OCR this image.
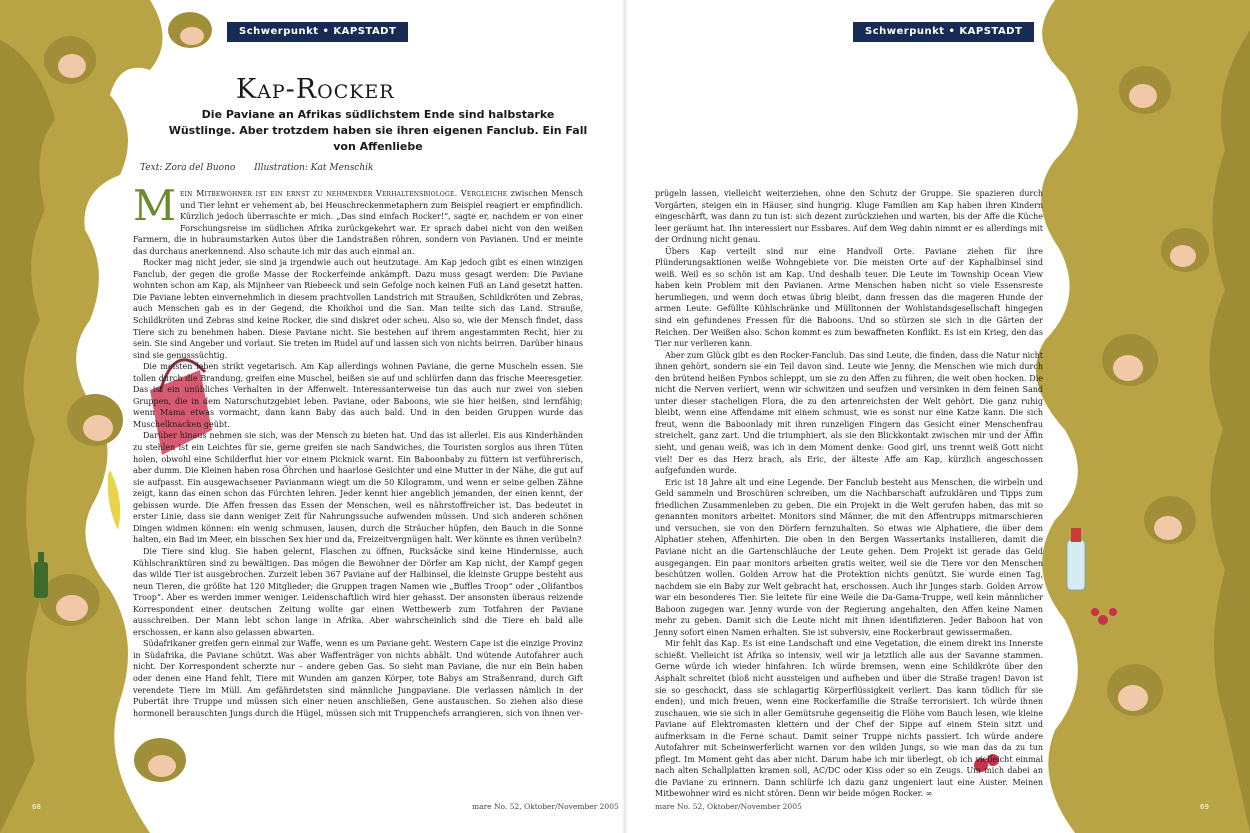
Schwerpunkt • KAPSTADT
Kap-Rocker

Die Paviane an Afrikas südlichstem Ende sind halbstarke Wüstlinge. Aber trotzdem haben sie ihren eigenen Fanclub. Ein Fall von Affenliebe

Text: Zora del Buono Illustration: Kat Menschik

Mein Mitbewohner ist ein ernst zu nehmender Verhaltensbiologe. Vergleiche zwischen Mensch und Tier lehnt er vehement ab, bei Heuschreckenmetaphern zum Beispiel reagiert er empfindlich. Kürzlich jedoch überraschte er mich. „Das sind einfach Rocker!“, sagte er, nachdem er von einer Forschungsreise im südlichen Afrika zurückgekehrt war. Er sprach dabei nicht von den weißen Farmern, die in hubraumstarken Autos über die Landstraßen röhren, sondern von Pavianen. Und er meinte das durchaus anerkennend. Also schaute ich mir das auch einmal an.

Rocker mag nicht jeder, sie sind ja irgendwie auch out heutzutage. Am Kap jedoch gibt es einen winzigen Fanclub, der gegen die große Masse der Rockerfeinde ankämpft. Dazu muss gesagt werden: Die Paviane wohnten schon am Kap, als Mijnheer van Riebeeck und sein Gefolge noch keinen Fuß an Land gesetzt hatten. Die Paviane lebten einvernehmlich in diesem prachtvollen Landstrich mit Straußen, Schildkröten und Zebras, auch Menschen gab es in der Gegend, die Khoikhoi und die San. Man teilte sich das Land. Strauße, Schildkröten und Zebras sind keine Rocker, die sind diskret oder scheu. Also so, wie der Mensch findet, dass Tiere sich zu benehmen haben. Diese Paviane nicht. Sie bestehen auf ihrem angestammten Recht, hier zu sein. Sie sind Angeber und vorlaut. Sie treten im Rudel auf und lassen sich von nichts beirren. Darüber hinaus sind sie genusssüchtig.

Die meisten leben strikt vegetarisch. Am Kap allerdings wohnen Paviane, die gerne Muscheln essen. Sie tollen durch die Brandung, greifen eine Muschel, beißen sie auf und schlürfen dann das frische Meeresgetier. Das ist ein unübliches Verhalten in der Affenwelt. Interessanterweise tun das auch nur zwei von sieben Gruppen, die in dem Naturschutzgebiet leben. Paviane, oder Baboons, wie sie hier heißen, sind lernfähig; wenn Mama etwas vormacht, dann kann Baby das auch bald. Und in den beiden Gruppen wurde das Muschelknacken geübt.

Darüber hinaus nehmen sie sich, was der Mensch zu bieten hat. Und das ist allerlei. Eis aus Kinderhänden zu stehlen ist ein Leichtes für sie, gerne greifen sie nach Sandwiches, die Touristen sorglos aus ihren Tüten holen, obwohl eine Schilderflut hier vor einem Picknick warnt. Ein Baboonbaby zu füttern ist verführerisch, aber dumm. Die Kleinen haben rosa Öhrchen und haarlose Gesichter und eine Mutter in der Nähe, die gut auf sie aufpasst. Ein ausgewachsener Pavianmann wiegt um die 50 Kilogramm, und wenn er seine gelben Zähne zeigt, kann das einen schon das Fürchten lehren. Jeder kennt hier angeblich jemanden, der einen kennt, der gebissen wurde. Die Affen fressen das Essen der Menschen, weil es nährstoffreicher ist. Das bedeutet in erster Linie, dass sie dann weniger Zeit für Nahrungssuche aufwenden müssen. Und sich anderen schönen Dingen widmen können: ein wenig schmusen, lausen, durch die Sträucher hüpfen, den Bauch in die Sonne halten, ein Bad im Meer, ein bisschen Sex hier und da, Freizeitvergnügen halt. Wer könnte es ihnen verübeln?

Die Tiere sind klug. Sie haben gelernt, Flaschen zu öffnen, Rucksäcke sind keine Hindernisse, auch Kühlschranktüren sind zu bewältigen. Das mögen die Bewohner der Dörfer am Kap nicht, der Kampf gegen das wilde Tier ist ausgebrochen. Zurzeit leben 367 Paviane auf der Halbinsel, die kleinste Gruppe besteht aus neun Tieren, die größte hat 120 Mitglieder; die Gruppen tragen Namen wie „Buffles Troop“ oder „Olifantbos Troop“. Aber es werden immer weniger. Leidenschaftlich wird hier gehasst. Der ansonsten überaus reizende Korrespondent einer deutschen Zeitung wollte gar einen Wettbewerb zum Totfahren der Paviane ausschreiben. Der Mann lebt schon lange in Afrika. Aber wahrscheinlich sind die Tiere eh bald alle erschossen, er kann also gelassen abwarten.

Südafrikaner greifen gern einmal zur Waffe, wenn es um Paviane geht. Western Cape ist die einzige Provinz in Südafrika, die Paviane schützt. Was aber Waffenträger von nichts abhält. Und wütende Autofahrer auch nicht. Der Korrespondent scherzte nur – andere geben Gas. So sieht man Paviane, die nur ein Bein haben oder denen eine Hand fehlt, Tiere mit Wunden am ganzen Körper, tote Babys am Straßenrand, durch Gift verendete Tiere im Müll. Am gefährdetsten sind männliche Jungpaviane. Die verlassen nämlich in der Pubertät ihre Truppe und müssen sich einer neuen anschließen, Gene austauschen. So ziehen also diese hormonell berauschten Jungs durch die Hügel, müssen sich mit Truppenchefs arrangieren, sich von ihnen ver-

68	mare No. 52, Oktober/November 2005
Schwerpunkt • KAPSTADT

prügeln lassen, vielleicht weiterziehen, ohne den Schutz der Gruppe. Sie spazieren durch Vorgärten, steigen ein in Häuser, sind hungrig. Kluge Familien am Kap haben ihren Kindern eingeschärft, was dann zu tun ist: sich dezent zurückziehen und warten, bis der Affe die Küche leer geräumt hat. Ihn interessiert nur Essbares. Auf dem Weg dahin nimmt er es allerdings mit der Ordnung nicht genau.

Übers Kap verteilt sind nur eine Handvoll Orte. Paviane ziehen für ihre Plünderungsaktionen weiße Wohngebiete vor. Die meisten Orte auf der Kaphalbinsel sind weiß. Weil es so schön ist am Kap. Und deshalb teuer. Die Leute im Township Ocean View haben kein Problem mit den Pavianen. Arme Menschen haben nicht so viele Essensreste herumliegen, und wenn doch etwas übrig bleibt, dann fressen das die mageren Hunde der armen Leute. Gefüllte Kühlschränke und Mülltonnen der Wohlstandsgesellschaft hingegen sind ein gefundenes Fressen für die Baboons. Und so stürzen sie sich in die Gärten der Reichen. Der Weißen also. Schon kommt es zum bewaffneten Konflikt. Es ist ein Krieg, den das Tier nur verlieren kann.

Aber zum Glück gibt es den Rocker-Fanclub. Das sind Leute, die finden, dass die Natur nicht ihnen gehört, sondern sie ein Teil davon sind. Leute wie Jenny, die Menschen wie mich durch den brütend heißen Fynbos schleppt, um sie zu den Affen zu führen, die weit oben hocken. Die nicht die Nerven verliert, wenn wir schwitzen und seufzen und versinken in dem feinen Sand unter dieser stacheligen Flora, die zu den artenreichsten der Welt gehört. Die ganz ruhig bleibt, wenn eine Affendame mit einem schmust, wie es sonst nur eine Katze kann. Die sich freut, wenn die Baboonlady mit ihren runzeligen Fingern das Gesicht einer Menschenfrau streichelt, ganz zart. Und die triumphiert, als sie den Blickkontakt zwischen mir und der Äffin sieht, und genau weiß, was ich in dem Moment denke: Good girl, uns trennt weiß Gott nicht viel! Der es das Herz brach, als Eric, der älteste Affe am Kap, kürzlich angeschossen aufgefunden wurde.

Eric ist 18 Jahre alt und eine Legende. Der Fanclub besteht aus Menschen, die wirbeln und Geld sammeln und Broschüren schreiben, um die Nachbarschaft aufzuklären und Tipps zum friedlichen Zusammenleben zu geben. Die ein Projekt in die Welt gerufen haben, das mit so genannten monitors arbeitet. Monitors sind Männer, die mit den Affentrupps mitmarschieren und versuchen, sie von den Dörfern fernzuhalten. So etwas wie Alphatiere, die über dem Alphatier stehen, Affenhirten. Die oben in den Bergen Wassertanks installieren, damit die Paviane nicht an die Gartenschläuche der Leute gehen. Dem Projekt ist gerade das Geld ausgegangen. Ein paar monitors arbeiten gratis weiter, weil sie die Tiere vor den Menschen beschützen wollen. Golden Arrow hat die Protektion nichts genützt. Sie wurde einen Tag, nachdem sie ein Baby zur Welt gebracht hat, erschossen. Auch ihr Junges starb. Golden Arrow war ein besonderes Tier. Sie leitete für eine Weile die Da-Gama-Truppe, weil kein männlicher Baboon zugegen war. Jenny wurde von der Regierung angehalten, den Affen keine Namen mehr zu geben. Damit sich die Leute nicht mit ihnen identifizieren. Jeder Baboon hat von Jenny sofort einen Namen erhalten. Sie ist subversiv, eine Rockerbraut gewissermaßen.

Mir fehlt das Kap. Es ist eine Landschaft und eine Vegetation, die einem direkt ins Innerste schießt. Vielleicht ist Afrika so intensiv, weil wir ja letztlich alle aus der Savanne stammen. Gerne würde ich wieder hinfahren. Ich würde bremsen, wenn eine Schildkröte über den Asphalt schreitet (bloß nicht aussteigen und aufheben und über die Straße tragen! Davon ist sie so geschockt, dass sie schlagartig Körperflüssigkeit verliert. Das kann tödlich für sie enden), und mich freuen, wenn eine Rockerfamilie die Straße terrorisiert. Ich würde ihnen zuschauen, wie sie sich in aller Gemütsruhe gegenseitig die Flöhe vom Bauch lesen, wie kleine Paviane auf Elektromasten klettern und der Chef der Sippe auf einem Stein sitzt und aufmerksam in die Ferne schaut. Damit seiner Truppe nichts passiert. Ich würde andere Autofahrer mit Scheinwerferlicht warnen vor den wilden Jungs, so wie man das da zu tun pflegt. Im Moment geht das aber nicht. Darum habe ich mir überlegt, ob ich vielleicht einmal nach alten Schallplatten kramen soll, AC/DC oder Kiss oder so ein Zeugs. Um mich dabei an die Paviane zu erinnern. Dann schlürfe ich dazu ganz ungeniert laut eine Auster. Meinen Mitbewohner wird es nicht stören. Denn wir beide mögen Rocker. ∞

mare No. 52, Oktober/November 2005	69
